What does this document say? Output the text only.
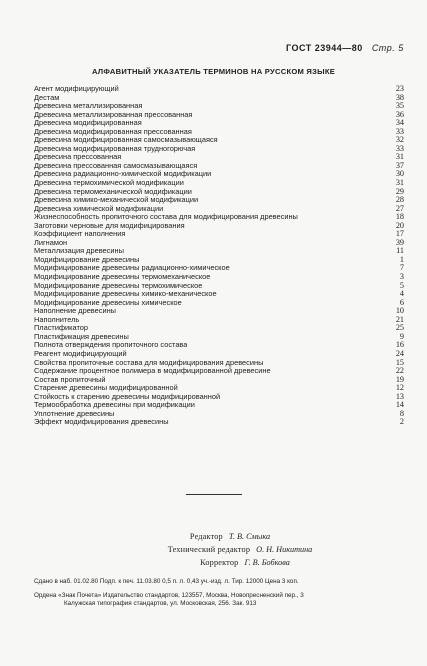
ГОСТ 23944—80 Стр. 5
АЛФАВИТНЫЙ УКАЗАТЕЛЬ ТЕРМИНОВ НА РУССКОМ ЯЗЫКЕ
Агент модифицирующий	23
Дестам	38
Древесина металлизированная	35
Древесина металлизированная прессованная	36
Древесина модифицированная	34
Древесина модифицированная прессованная	33
Древесина модифицированная самосмазывающаяся	32
Древесина модифицированная трудногорючая	33
Древесина прессованная	31
Древесина прессованная самосмазывающаяся	37
Древесина радиационно-химической модификации	30
Древесина термохимической модификации	31
Древесина термомеханической модификации	29
Древесина химико-механической модификации	28
Древесина химической модификации	27
Жизнеспособность пропиточного состава для модифицирования древесины	18
Заготовки черновые для модифицирования	20
Коэффициент наполнения	17
Лигнамон	39
Металлизация древесины	11
Модифицирование древесины	1
Модифицирование древесины радиационно-химическое	7
Модифицирование древесины термомеханическое	3
Модифицирование древесины термохимическое	5
Модифицирование древесины химико-механическое	4
Модифицирование древесины химическое	6
Наполнение древесины	10
Наполнитель	21
Пластификатор	25
Пластификация древесины	9
Полнота отверждения пропиточного состава	16
Реагент модифицирующий	24
Свойства пропиточные состава для модифицирования древесины	15
Содержание процентное полимера в модифицированной древесине	22
Состав пропиточный	19
Старение древесины модифицированной	12
Стойкость к старению древесины модифицированной	13
Термообработка древесины при модификации	14
Уплотнение древесины	8
Эффект модифицирования древесины	2
Редактор Т. В. Смыка
Технический редактор О. Н. Никитина
Корректор Г. В. Бобкова
Сдано в наб. 01.02.80 Подп. к печ. 11.03.80 0,5 п. л. 0,43 уч.-изд. л. Тир. 12000 Цена 3 коп.
Ордена «Знак Почета» Издательство стандартов, 123557, Москва, Новопресненский пер., 3
Калужская типография стандартов, ул. Московская, 256. Зак. 913
